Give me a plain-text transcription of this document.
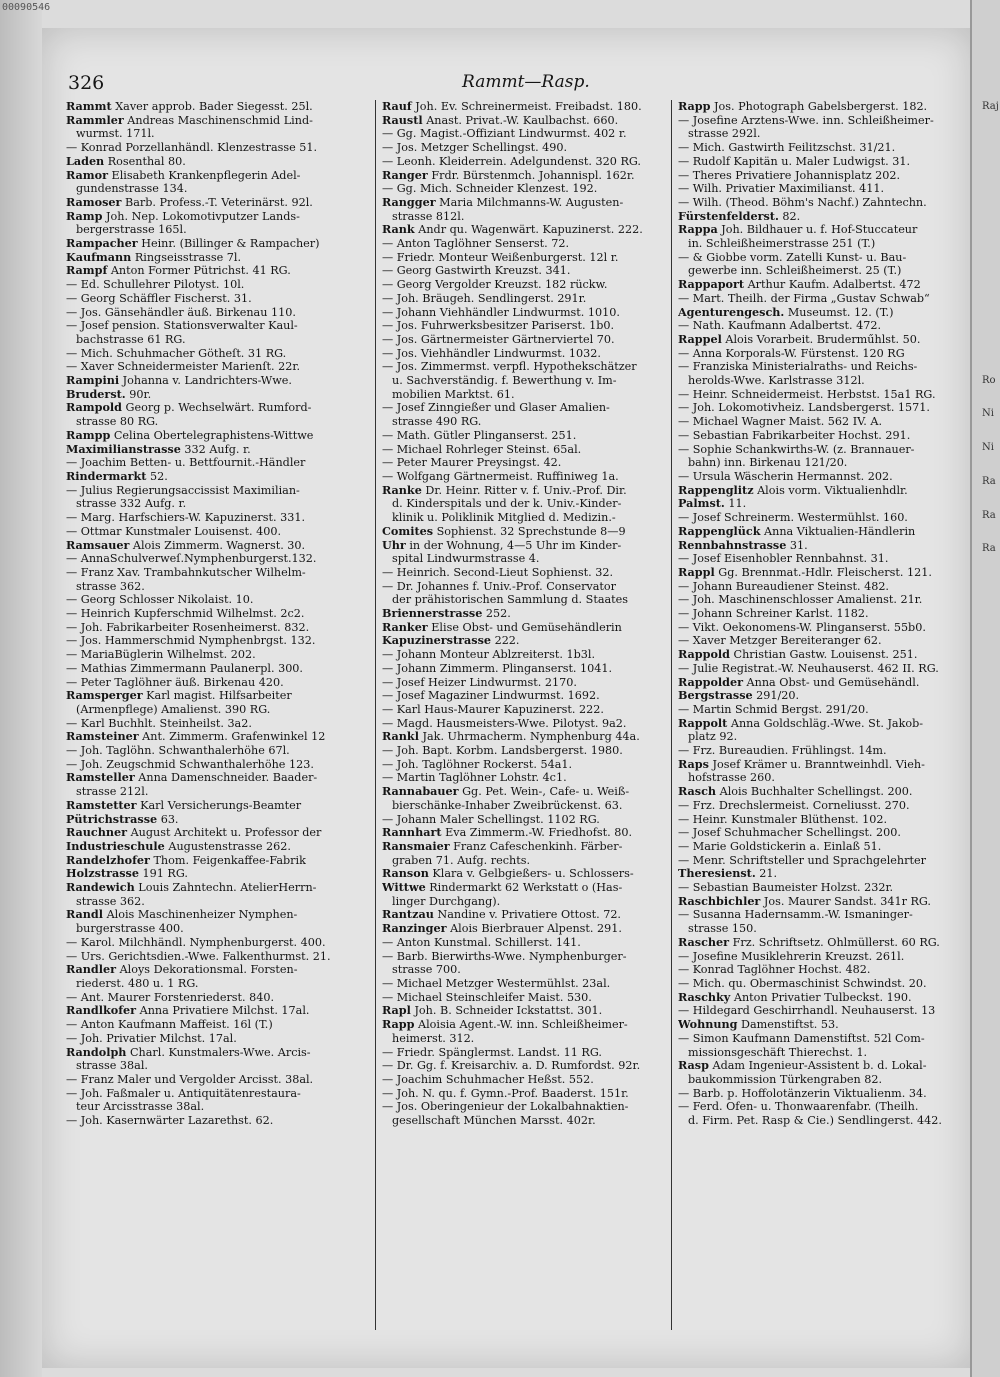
00090546
326	Rammt—Rasp.
Rammt Xaver approb. Bader Siegesst. 25l.
Rammler Andreas Maschinenschmid Lind-
wurmst. 171l.
— Konrad Porzellanhändl. Klenzestrasse 51.
Laden Rosenthal 80.
Ramor Elisabeth Krankenpflegerin Adel-
gundenstrasse 134.
Ramoser Barb. Profess.-T. Veterinärst. 92l.
Ramp Joh. Nep. Lokomotivputzer Lands-
bergerstrasse 165l.
Rampacher Heinr. (Billinger & Rampacher)
Kaufmann Ringseisstrasse 7l.
Rampf Anton Former Pütrichst. 41 RG.
— Ed. Schullehrer Pilotyst. 10l.
— Georg Schäffler Fischerst. 31.
— Jos. Gänsehändler äuß. Birkenau 110.
— Josef pension. Stationsverwalter Kaul-
bachstrasse 61 RG.
— Mich. Schuhmacher Götheſt. 31 RG.
— Xaver Schneidermeister Marienſt. 22r.
Rampini Johanna v. Landrichters-Wwe.
Bruderst. 90r.
Rampold Georg p. Wechselwärt. Rumford-
strasse 80 RG.
Rampp Celina Obertelegraphistens-Wittwe
Maximilianstrasse 332 Aufg. r.
— Joachim Betten- u. Bettfournit.-Händler
Rindermarkt 52.
— Julius Regierungsaccissist Maximilian-
strasse 332 Aufg. r.
— Marg. Harfschiers-W. Kapuzinerst. 331.
— Ottmar Kunstmaler Louisenst. 400.
Ramsauer Alois Zimmerm. Wagnerst. 30.
— AnnaSchulverweſ.Nymphenburgerst.132.
— Franz Xav. Trambahnkutscher Wilhelm-
strasse 362.
— Georg Schlosser Nikolaist. 10.
— Heinrich Kupferschmid Wilhelmst. 2c2.
— Joh. Fabrikarbeiter Rosenheimerst. 832.
— Jos. Hammerschmid Nymphenbrgst. 132.
— MariaBüglerin Wilhelmst. 202.
— Mathias Zimmermann Paulanerpl. 300.
— Peter Taglöhner äuß. Birkenau 420.
Ramsperger Karl magist. Hilfsarbeiter
(Armenpflege) Amalienst. 390 RG.
— Karl Buchhlt. Steinheilst. 3a2.
Ramsteiner Ant. Zimmerm. Grafenwinkel 12
— Joh. Taglöhn. Schwanthalerhöhe 67l.
— Joh. Zeugschmid Schwanthalerhöhe 123.
Ramsteller Anna Damenschneider. Baader-
strasse 212l.
Ramstetter Karl Versicherungs-Beamter
Pütrichstrasse 63.
Rauchner August Architekt u. Professor der
Industrieschule Augustenstrasse 262.
Randelzhofer Thom. Feigenkaffee-Fabrik
Holzstrasse 191 RG.
Randewich Louis Zahntechn. AtelierHerrn-
strasse 362.
Randl Alois Maschinenheizer Nymphen-
burgerstrasse 400.
— Karol. Milchhändl. Nymphenburgerst. 400.
— Urs. Gerichtsdien.-Wwe. Falkenthurmst. 21.
Randler Aloys Dekorationsmal. Forsten-
riederst. 480 u. 1 RG.
— Ant. Maurer Forstenriederst. 840.
Randlkofer Anna Privatiere Milchst. 17al.
— Anton Kaufmann Maffeist. 16l (T.)
— Joh. Privatier Milchst. 17al.
Randolph Charl. Kunstmalers-Wwe. Arcis-
strasse 38al.
— Franz Maler und Vergolder Arcisst. 38al.
— Joh. Faßmaler u. Antiquitätenrestaura-
teur Arcisstrasse 38al.
— Joh. Kasernwärter Lazarethst. 62.
Rauf Joh. Ev. Schreinermeist. Freibadst. 180.
Raustl Anast. Privat.-W. Kaulbachst. 660.
— Gg. Magist.-Offiziant Lindwurmst. 402 r.
— Jos. Metzger Schellingst. 490.
— Leonh. Kleiderrein. Adelgundenst. 320 RG.
Ranger Frdr. Bürstenmch. Johannispl. 162r.
— Gg. Mich. Schneider Klenzest. 192.
Rangger Maria Milchmanns-W. Augusten-
strasse 812l.
Rank Andr qu. Wagenwärt. Kapuzinerst. 222.
— Anton Taglöhner Senserst. 72.
— Friedr. Monteur Weißenburgerst. 12l r.
— Georg Gastwirth Kreuzst. 341.
— Georg Vergolder Kreuzst. 182 rückw.
— Joh. Bräugeh. Sendlingerst. 291r.
— Johann Viehhändler Lindwurmst. 1010.
— Jos. Fuhrwerksbesitzer Pariserst. 1b0.
— Jos. Gärtnermeister Gärtnerviertel 70.
— Jos. Viehhändler Lindwurmst. 1032.
— Jos. Zimmermst. verpfl. Hypothekschätzer
u. Sachverständig. f. Bewerthung v. Im-
mobilien Marktst. 61.
— Josef Zinngießer und Glaser Amalien-
strasse 490 RG.
— Math. Gütler Plinganserst. 251.
— Michael Rohrleger Steinst. 65al.
— Peter Maurer Preysingst. 42.
— Wolfgang Gärtnermeist. Ruffiniweg 1a.
Ranke Dr. Heinr. Ritter v. f. Univ.-Prof. Dir.
d. Kinderspitals und der k. Univ.-Kinder-
klinik u. Poliklinik Mitglied d. Medizin.-
Comites Sophienst. 32 Sprechstunde 8—9
Uhr in der Wohnung, 4—5 Uhr im Kinder-
spital Lindwurmstrasse 4.
— Heinrich. Second-Lieut Sophienst. 32.
— Dr. Johannes f. Univ.-Prof. Conservator
der prähistorischen Sammlung d. Staates
Briennerstrasse 252.
Ranker Elise Obst- und Gemüsehändlerin
Kapuzinerstrasse 222.
— Johann Monteur Ablzreiterst. 1b3l.
— Johann Zimmerm. Plinganserst. 1041.
— Josef Heizer Lindwurmst. 2170.
— Josef Magaziner Lindwurmst. 1692.
— Karl Haus-Maurer Kapuzinerst. 222.
— Magd. Hausmeisters-Wwe. Pilotyst. 9a2.
Rankl Jak. Uhrmacherm. Nymphenburg 44a.
— Joh. Bapt. Korbm. Landsbergerst. 1980.
— Joh. Taglöhner Rockerst. 54a1.
— Martin Taglöhner Lohstr. 4c1.
Rannabauer Gg. Pet. Wein-, Cafe- u. Weiß-
bierschänke-Inhaber Zweibrückenst. 63.
— Johann Maler Schellingst. 1102 RG.
Rannhart Eva Zimmerm.-W. Friedhofst. 80.
Ransmaier Franz Cafeschenkinh. Färber-
graben 71. Aufg. rechts.
Ranson Klara v. Gelbgießers- u. Schlossers-
Wittwe Rindermarkt 62 Werkstatt o (Has-
linger Durchgang).
Rantzau Nandine v. Privatiere Ottost. 72.
Ranzinger Alois Bierbrauer Alpenst. 291.
— Anton Kunstmal. Schillerst. 141.
— Barb. Bierwirths-Wwe. Nymphenburger-
strasse 700.
— Michael Metzger Westermühlst. 23al.
— Michael Steinschleifer Maist. 530.
Rapl Joh. B. Schneider Ickstattst. 301.
Rapp Aloisia Agent.-W. inn. Schleißheimer-
heimerst. 312.
— Friedr. Spänglermst. Landst. 11 RG.
— Dr. Gg. f. Kreisarchiv. a. D. Rumfordst. 92r.
— Joachim Schuhmacher Heßst. 552.
— Joh. N. qu. f. Gymn.-Prof. Baaderst. 151r.
— Jos. Oberingenieur der Lokalbahnaktien-
gesellschaft München Marsst. 402r.
Rapp Jos. Photograph Gabelsbergerst. 182.
— Josefine Arztens-Wwe. inn. Schleißheimer-
strasse 292l.
— Mich. Gastwirth Feilitzschst. 31/21.
— Rudolf Kapitän u. Maler Ludwigst. 31.
— Theres Privatiere Johannisplatz 202.
— Wilh. Privatier Maximilianst. 411.
— Wilh. (Theod. Böhm's Nachf.) Zahntechn.
Fürstenfelderst. 82.
Rappa Joh. Bildhauer u. f. Hof-Stuccateur
in. Schleißheimerstrasse 251 (T.)
— & Giobbe vorm. Zatelli Kunst- u. Bau-
gewerbe inn. Schleißheimerst. 25 (T.)
Rappaport Arthur Kaufm. Adalbertst. 472
— Mart. Theilh. der Firma „Gustav Schwab“
Agenturengesch. Museumst. 12. (T.)
— Nath. Kaufmann Adalbertst. 472.
Rappel Alois Vorarbeit. Bruderműhlst. 50.
— Anna Korporals-W. Fürstenst. 120 RG
— Franziska Ministerialraths- und Reichs-
herolds-Wwe. Karlstrasse 312l.
— Heinr. Schneidermeist. Herbstst. 15a1 RG.
— Joh. Lokomotivheiz. Landsbergerst. 1571.
— Michael Wagner Maist. 562 IV. A.
— Sebastian Fabrikarbeiter Hochst. 291.
— Sophie Schankwirths-W. (z. Brannauer-
bahn) inn. Birkenau 121/20.
— Ursula Wäscherin Hermannst. 202.
Rappenglitz Alois vorm. Viktualienhdlr.
Palmst. 11.
— Josef Schreinerm. Westermühlst. 160.
Rappenglück Anna Viktualien-Händlerin
Rennbahnstrasse 31.
— Josef Eisenhobler Rennbahnst. 31.
Rappl Gg. Brennmat.-Hdlr. Fleischerst. 121.
— Johann Bureaudiener Steinst. 482.
— Joh. Maschinenschlosser Amalienst. 21r.
— Johann Schreiner Karlst. 1182.
— Vikt. Oekonomens-W. Plinganserst. 55b0.
— Xaver Metzger Bereiteranger 62.
Rappold Christian Gastw. Louisenst. 251.
— Julie Registrat.-W. Neuhauserst. 462 II. RG.
Rappolder Anna Obst- und Gemüsehändl.
Bergstrasse 291/20.
— Martin Schmid Bergst. 291/20.
Rappolt Anna Goldschläg.-Wwe. St. Jakob-
platz 92.
— Frz. Bureaudien. Frühlingst. 14m.
Raps Josef Krämer u. Branntweinhdl. Vieh-
hofstrasse 260.
Rasch Alois Buchhalter Schellingst. 200.
— Frz. Drechslermeist. Corneliusst. 270.
— Heinr. Kunstmaler Blüthenst. 102.
— Josef Schuhmacher Schellingst. 200.
— Marie Goldstickerin a. Einlaß 51.
— Menr. Schriftsteller und Sprachgelehrter
Theresienst. 21.
— Sebastian Baumeister Holzst. 232r.
Raschbichler Jos. Maurer Sandst. 341r RG.
— Susanna Hadernsamm.-W. Ismaninger-
strasse 150.
Rascher Frz. Schriftsetz. Ohlmüllerst. 60 RG.
— Josefine Musiklehrerin Kreuzst. 261l.
— Konrad Taglöhner Hochst. 482.
— Mich. qu. Obermaschinist Schwindst. 20.
Raschky Anton Privatier Tulbeckst. 190.
— Hildegard Geschirrhandl. Neuhauserst. 13
Wohnung Damenstiftst. 53.
— Simon Kaufmann Damenstiftst. 52l Com-
missionsgeschäft Thierechst. 1.
Rasp Adam Ingenieur-Assistent b. d. Lokal-
baukommission Türkengraben 82.
— Barb. p. Hoffolotänzerin Viktualienm. 34.
— Ferd. Ofen- u. Thonwaarenfabr. (Theilh.
d. Firm. Pet. Rasp & Cie.) Sendlingerst. 442.
Raj
Ro
Ni
Ni
Ra
Ra
Ra
